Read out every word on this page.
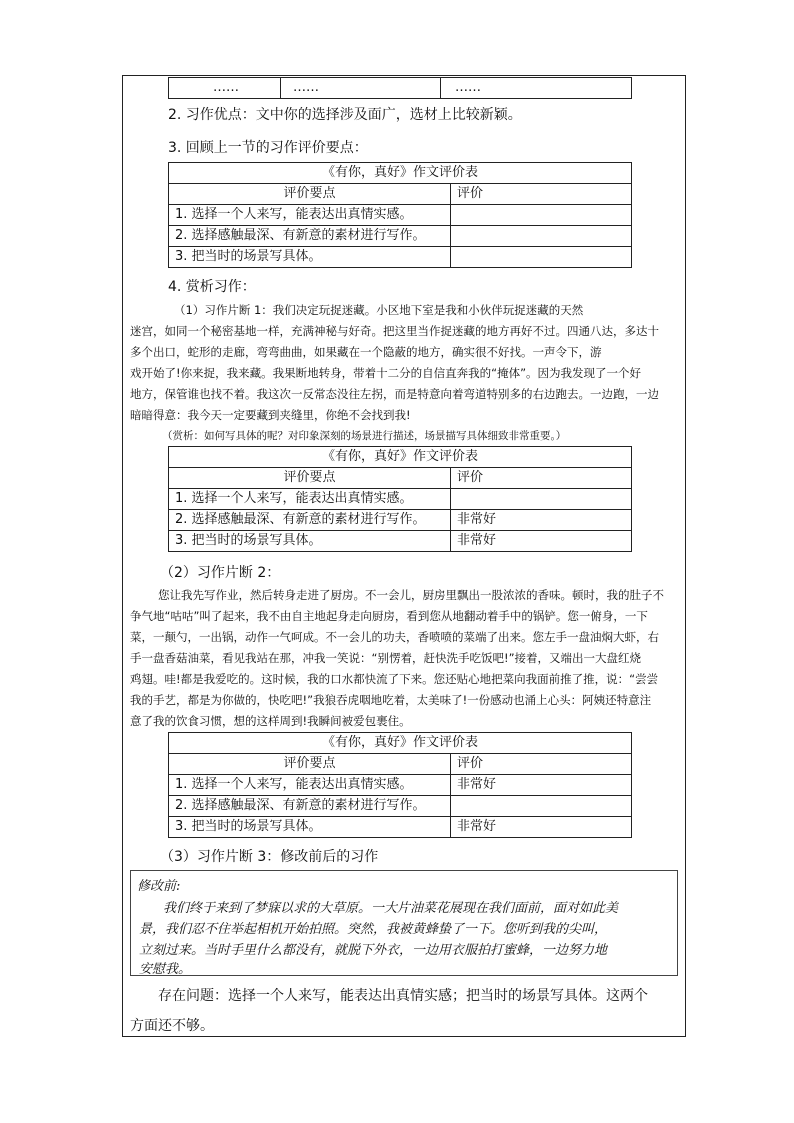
……	……	……
2. 习作优点：文中你的选择涉及面广，选材上比较新颖。
3. 回顾上一节的习作评价要点：
《有你，真好》作文评价表	
评价要点	评价
1. 选择一个人来写，能表达出真情实感。	
2. 选择感触最深、有新意的素材进行写作。	
3. 把当时的场景写具体。	
4. 赏析习作：
（1）习作片断 1：我们决定玩捉迷藏。小区地下室是我和小伙伴玩捉迷藏的天然
迷宫，如同一个秘密基地一样，充满神秘与好奇。把这里当作捉迷藏的地方再好不过。四通八达，多达十
多个出口，蛇形的走廊，弯弯曲曲，如果藏在一个隐蔽的地方，确实很不好找。一声令下，游
戏开始了!你来捉，我来藏。我果断地转身，带着十二分的自信直奔我的“掩体”。因为我发现了一个好
地方，保管谁也找不着。我这次一反常态没往左拐，而是特意向着弯道特别多的右边跑去。一边跑，一边
暗暗得意：我今天一定要藏到夹缝里，你绝不会找到我!
（赏析：如何写具体的呢？对印象深刻的场景进行描述，场景描写具体细致非常重要。）
《有你，真好》作文评价表	
评价要点	评价
1. 选择一个人来写，能表达出真情实感。	
2. 选择感触最深、有新意的素材进行写作。	非常好
3. 把当时的场景写具体。	非常好
（2）习作片断 2：
您让我先写作业，然后转身走进了厨房。不一会儿，厨房里飘出一股浓浓的香味。顿时，我的肚子不
争气地“咕咕”叫了起来，我不由自主地起身走向厨房，看到您从地翻动着手中的锅铲。您一俯身，一下
菜，一颠勺，一出锅，动作一气呵成。不一会儿的功夫，香喷喷的菜端了出来。您左手一盘油焖大虾，右
手一盘香菇油菜，看见我站在那，冲我一笑说：“别愣着，赶快洗手吃饭吧!”接着，又端出一大盘红烧
鸡翅。哇!都是我爱吃的。这时候，我的口水都快流了下来。您还贴心地把菜向我面前推了推，说：“尝尝
我的手艺，都是为你做的，快吃吧!”我狼吞虎咽地吃着，太美味了!一份感动也涌上心头：阿姨还特意注
意了我的饮食习惯，想的这样周到!我瞬间被爱包裹住。
《有你，真好》作文评价表	
评价要点	评价
1. 选择一个人来写，能表达出真情实感。	非常好
2. 选择感触最深、有新意的素材进行写作。	
3. 把当时的场景写具体。	非常好
（3）习作片断 3：修改前后的习作
修改前:
我们终于来到了梦寐以求的大草原。一大片油菜花展现在我们面前，面对如此美
景，我们忍不住举起相机开始拍照。突然，我被黄蜂蛰了一下。您听到我的尖叫，
立刻过来。当时手里什么都没有，就脱下外衣，一边用衣服拍打蜜蜂，一边努力地
安慰我。
存在问题：选择一个人来写，能表达出真情实感；把当时的场景写具体。这两个
方面还不够。
